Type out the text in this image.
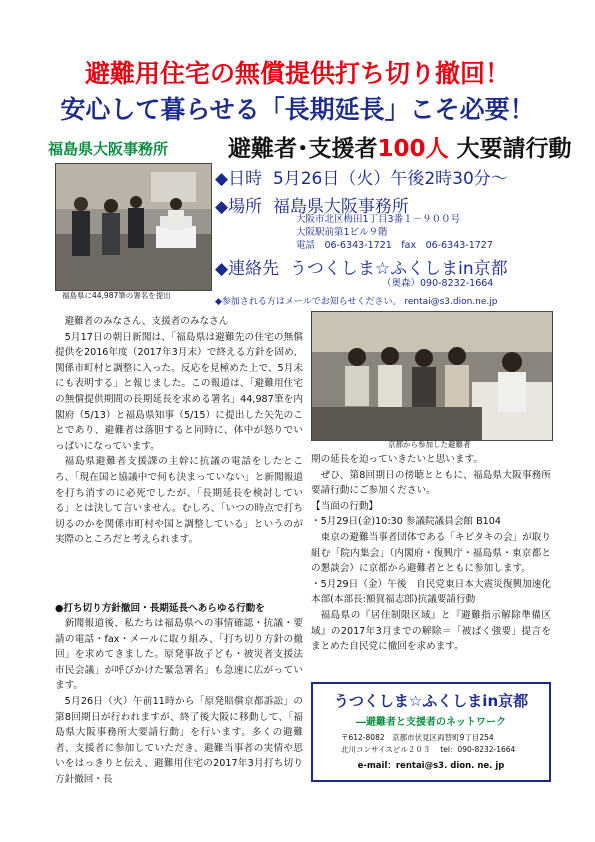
避難用住宅の無償提供打ち切り撤回！
安心して暮らせる「長期延長」こそ必要！
福島県大阪事務所	避難者･支援者100人 大要請行動
福島県に44,987筆の署名を提出
◆日時 5月26日（火）午後2時30分～
◆場所 福島県大阪事務所
大阪市北区梅田1丁目3番１－９００号
大阪駅前第1ビル９階
電話　06-6343-1721　fax　06-6343-1727
◆連絡先 うつくしま☆ふくしまin京都
（奥森）090-8232-1664
◆参加される方はメールでお知らせください。 rentai@s3.dion.ne.jp
京都から参加した避難者

避難者のみなさん、支援者のみなさん

5月17日の朝日新聞は、「福島県は避難先の住宅の無償提供を2016年度（2017年3月末）で終える方針を固め、関係市町村と調整に入った。反応を見極めた上で、5月末にも表明する」と報じました。この報道は、「避難用住宅の無償提供期間の長期延長を求める署名」44,987筆を内閣府（5/13）と福島県知事（5/15）に提出した矢先のことであり、避難者は落胆すると同時に、体中が怒りでいっぱいになっています。

福島県避難者支援課の主幹に抗議の電話をしたところ、「現在国と協議中で何も決まっていない」と新聞報道を打ち消すのに必死でしたが、「長期延長を検討している」とは決して言いません。むしろ、「いつの時点で打ち切るのかを関係市町村や国と調整している」というのが実際のところだと考えられます。

●打ち切り方針撤回・長期延長へあらゆる行動を

新聞報道後、私たちは福島県への事情確認・抗議・要請の電話・fax・メールに取り組み、「打ち切り方針の撤回」を求めてきました。原発事故子ども・被災者支援法市民会議」が呼びかけた緊急署名」も急速に広がっています。

5月26日（火）午前11時から「原発賠償京都訴訟」の第8回期日が行われますが、終了後大阪に移動して、「福島県大阪事務所大要請行動」を行います。多くの避難者、支援者に参加していただき、避難当事者の実情や思いをはっきりと伝え、避難用住宅の2017年3月打ち切り方針撤回・長

期の延長を迫っていきたいと思います。

ぜひ、第8回期日の傍聴とともに、福島県大阪事務所要請行動にご参加ください。

【当面の行動】

・5月29日(金)10:30 参議院議員会館 B104

東京の避難当事者団体である「キビタキの会」が取り組む「院内集会」（内閣府・復興庁・福島県・東京都との懇談会）に京都から避難者とともに参加します。

・5月29日（金）午後　自民党東日本大震災復興加速化本部(本部長:額賀福志郎)抗議要請行動

福島県の『居住制限区域』と『避難指示解除準備区域』の2017年3月までの解除＝「被ばく強要」提言をまとめた自民党に撤回を求めます。

うつくしま☆ふくしまin京都
―避難者と支援者のネットワーク
〒612-8082　京都市伏見区両替町9丁目254
北川コンサイスビル２０３　 tel：090-8232-1664
e-mail：rentai@s3. dion. ne. jp
